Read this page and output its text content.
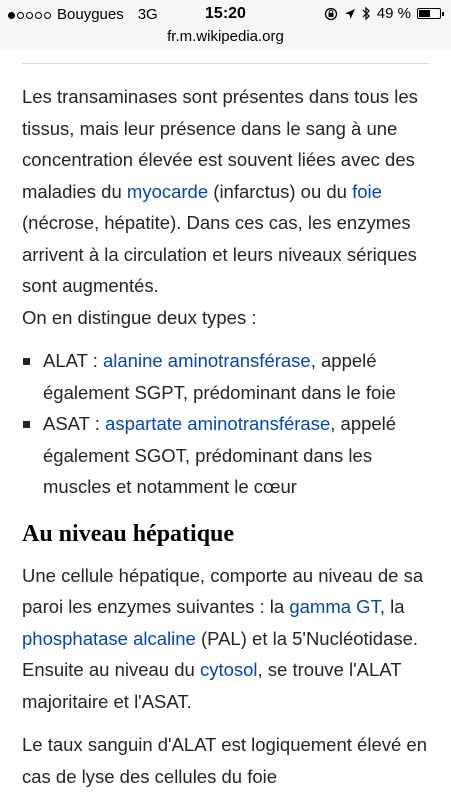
Bouygues 3G	15:20	49 %
fr.m.wikipedia.org

Les transaminases sont présentes dans tous les tissus, mais leur présence dans le sang à une concentration élevée est souvent liées avec des maladies du myocarde (infarctus) ou du foie (nécrose, hépatite). Dans ces cas, les enzymes arrivent à la circulation et leurs niveaux sériques sont augmentés.
On en distingue deux types :

ALAT : alanine aminotransférase, appelé également SGPT, prédominant dans le foie
ASAT : aspartate aminotransférase, appelé également SGOT, prédominant dans les muscles et notamment le cœur
Au niveau hépatique

Une cellule hépatique, comporte au niveau de sa paroi les enzymes suivantes : la gamma GT, la phosphatase alcaline (PAL) et la 5'Nucléotidase. Ensuite au niveau du cytosol, se trouve l'ALAT majoritaire et l'ASAT.

Le taux sanguin d'ALAT est logiquement élevé en cas de lyse des cellules du foie
